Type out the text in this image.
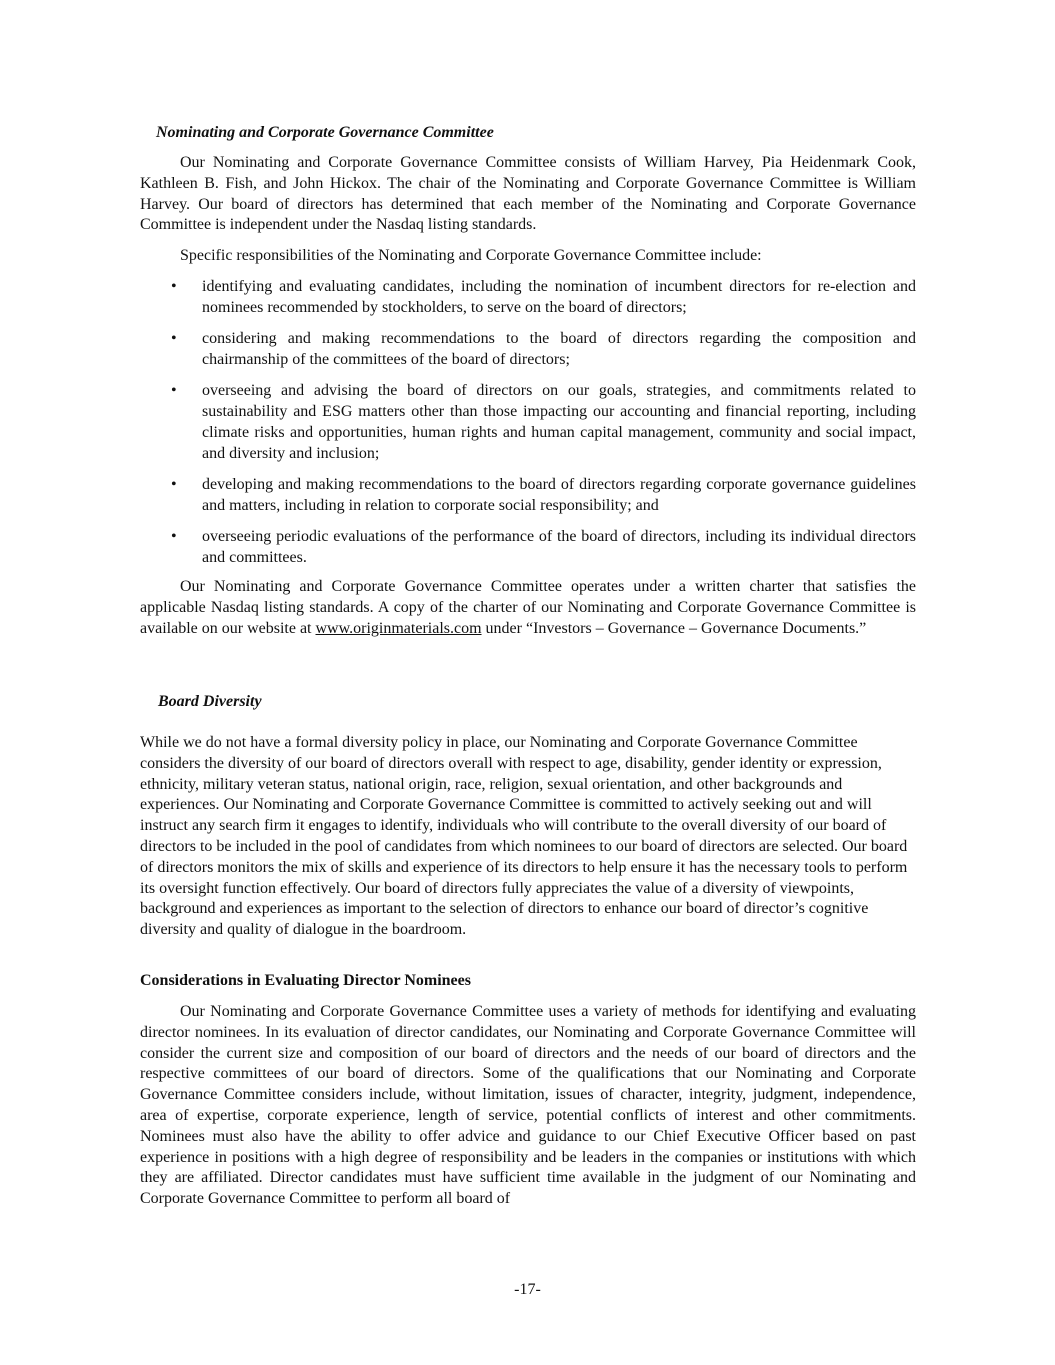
Nominating and Corporate Governance Committee

Our Nominating and Corporate Governance Committee consists of William Harvey, Pia Heidenmark Cook, Kathleen B. Fish, and John Hickox. The chair of the Nominating and Corporate Governance Committee is William Harvey. Our board of directors has determined that each member of the Nominating and Corporate Governance Committee is independent under the Nasdaq listing standards.

Specific responsibilities of the Nominating and Corporate Governance Committee include:

• identifying and evaluating candidates, including the nomination of incumbent directors for re-election and nominees recommended by stockholders, to serve on the board of directors;
• considering and making recommendations to the board of directors regarding the composition and chairmanship of the committees of the board of directors;
• overseeing and advising the board of directors on our goals, strategies, and commitments related to sustainability and ESG matters other than those impacting our accounting and financial reporting, including climate risks and opportunities, human rights and human capital management, community and social impact, and diversity and inclusion;
• developing and making recommendations to the board of directors regarding corporate governance guidelines and matters, including in relation to corporate social responsibility; and
• overseeing periodic evaluations of the performance of the board of directors, including its individual directors and committees.

Our Nominating and Corporate Governance Committee operates under a written charter that satisfies the applicable Nasdaq listing standards. A copy of the charter of our Nominating and Corporate Governance Committee is available on our website at www.originmaterials.com under “Investors – Governance – Governance Documents.”

Board Diversity

While we do not have a formal diversity policy in place, our Nominating and Corporate Governance Committee considers the diversity of our board of directors overall with respect to age, disability, gender identity or expression, ethnicity, military veteran status, national origin, race, religion, sexual orientation, and other backgrounds and experiences. Our Nominating and Corporate Governance Committee is committed to actively seeking out and will instruct any search firm it engages to identify, individuals who will contribute to the overall diversity of our board of directors to be included in the pool of candidates from which nominees to our board of directors are selected. Our board of directors monitors the mix of skills and experience of its directors to help ensure it has the necessary tools to perform its oversight function effectively. Our board of directors fully appreciates the value of a diversity of viewpoints, background and experiences as important to the selection of directors to enhance our board of director’s cognitive diversity and quality of dialogue in the boardroom.

Considerations in Evaluating Director Nominees

Our Nominating and Corporate Governance Committee uses a variety of methods for identifying and evaluating director nominees. In its evaluation of director candidates, our Nominating and Corporate Governance Committee will consider the current size and composition of our board of directors and the needs of our board of directors and the respective committees of our board of directors. Some of the qualifications that our Nominating and Corporate Governance Committee considers include, without limitation, issues of character, integrity, judgment, independence, area of expertise, corporate experience, length of service, potential conflicts of interest and other commitments. Nominees must also have the ability to offer advice and guidance to our Chief Executive Officer based on past experience in positions with a high degree of responsibility and be leaders in the companies or institutions with which they are affiliated. Director candidates must have sufficient time available in the judgment of our Nominating and Corporate Governance Committee to perform all board of

-17-
